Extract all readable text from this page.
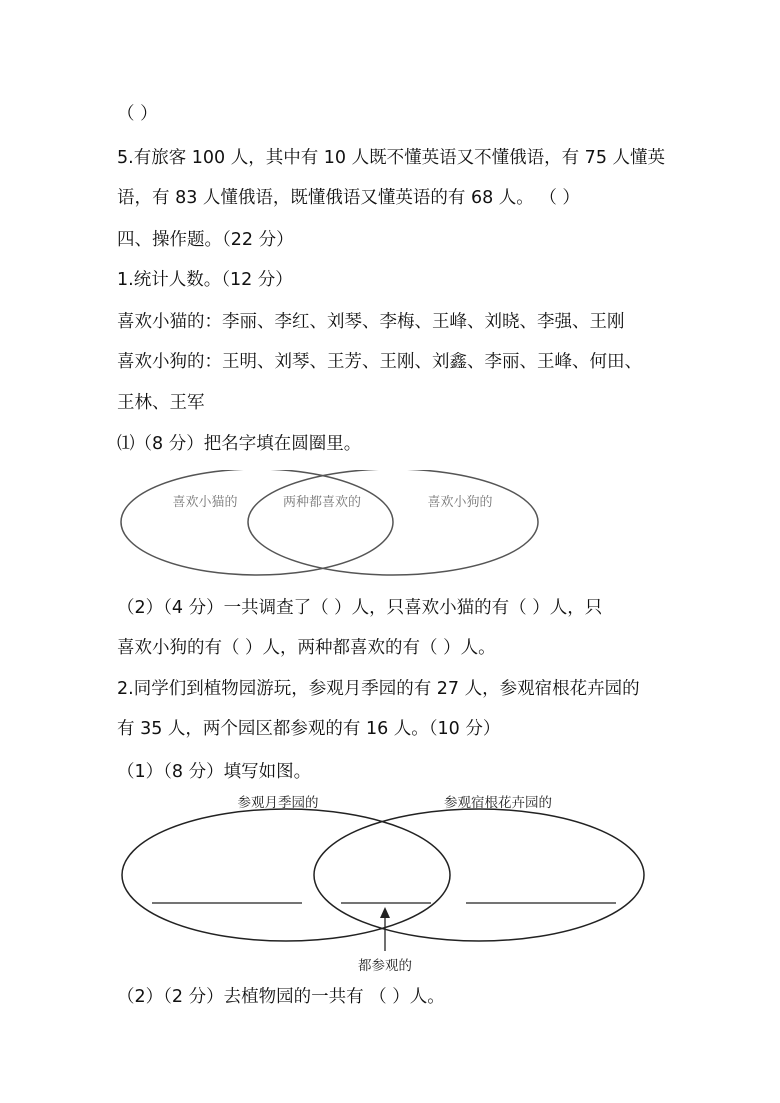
（ ）
5.有旅客 100 人，其中有 10 人既不懂英语又不懂俄语，有 75 人懂英
语，有 83 人懂俄语，既懂俄语又懂英语的有 68 人。 （ ）
四、操作题。（22 分）
1.统计人数。（12 分）
喜欢小猫的：李丽、李红、刘琴、李梅、王峰、刘晓、李强、王刚
喜欢小狗的：王明、刘琴、王芳、王刚、刘鑫、李丽、王峰、何田、
王林、王军
⑴（8 分）把名字填在圆圈里。
喜欢小猫的	两种都喜欢的	喜欢小狗的
（2）（4 分）一共调查了（ ）人，只喜欢小猫的有（ ）人，只
喜欢小狗的有（ ）人，两种都喜欢的有（ ）人。
2.同学们到植物园游玩，参观月季园的有 27 人，参观宿根花卉园的
有 35 人，两个园区都参观的有 16 人。（10 分）
（1）（8 分）填写如图。
参观月季园的	参观宿根花卉园的
都参观的
（2）（2 分）去植物园的一共有 （ ）人。
